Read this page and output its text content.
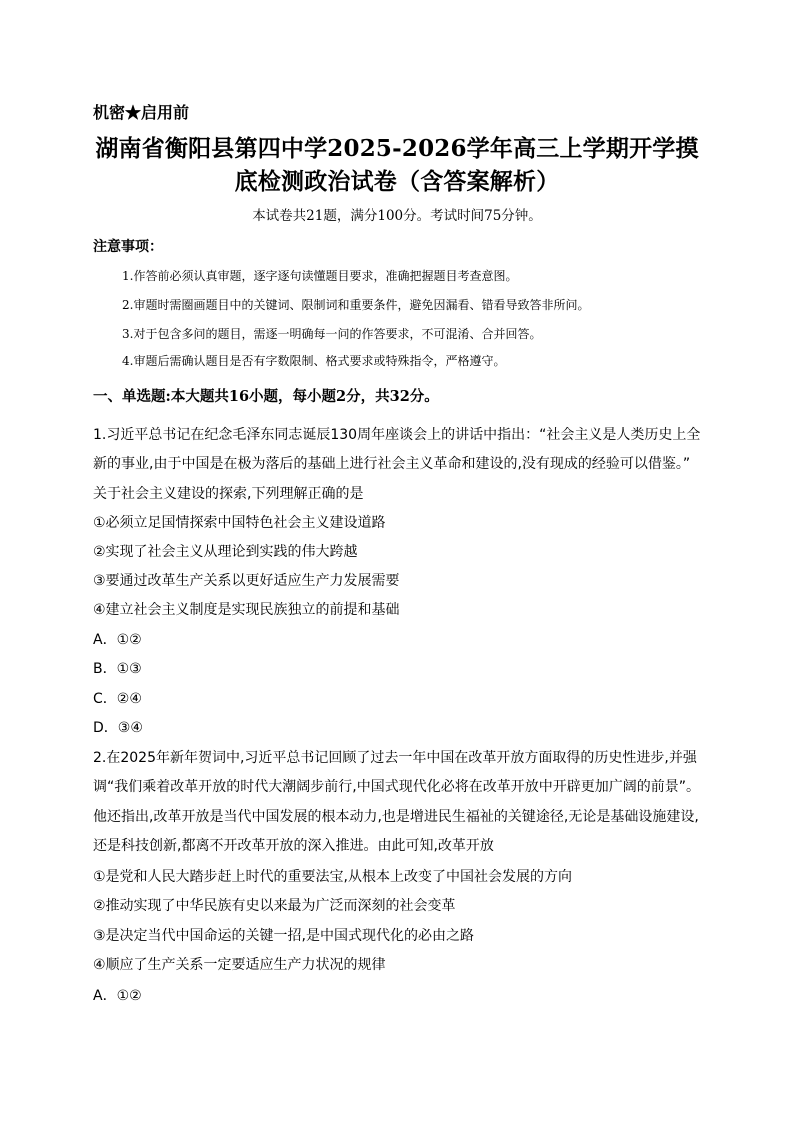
机密★启用前
湖南省衡阳县第四中学2025-2026学年高三上学期开学摸
底检测政治试卷（含答案解析）
本试卷共21题，满分100分。考试时间75分钟。
注意事项：
1.作答前必须认真审题，逐字逐句读懂题目要求，准确把握题目考查意图。
2.审题时需圈画题目中的关键词、限制词和重要条件，避免因漏看、错看导致答非所问。
3.对于包含多问的题目，需逐一明确每一问的作答要求，不可混淆、合并回答。
4.审题后需确认题目是否有字数限制、格式要求或特殊指令，严格遵守。
一、单选题:本大题共16小题，每小题2分，共32分。
1.习近平总书记在纪念毛泽东同志诞辰130周年座谈会上的讲话中指出：“社会主义是人类历史上全
新的事业,由于中国是在极为落后的基础上进行社会主义革命和建设的,没有现成的经验可以借鉴。”
关于社会主义建设的探索,下列理解正确的是
①必须立足国情探索中国特色社会主义建设道路
②实现了社会主义从理论到实践的伟大跨越
③要通过改革生产关系以更好适应生产力发展需要
④建立社会主义制度是实现民族独立的前提和基础
A．①②
B．①③
C．②④
D．③④
2.在2025年新年贺词中,习近平总书记回顾了过去一年中国在改革开放方面取得的历史性进步,并强
调“我们乘着改革开放的时代大潮阔步前行,中国式现代化必将在改革开放中开辟更加广阔的前景”。
他还指出,改革开放是当代中国发展的根本动力,也是增进民生福祉的关键途径,无论是基础设施建设,
还是科技创新,都离不开改革开放的深入推进。由此可知,改革开放
①是党和人民大踏步赶上时代的重要法宝,从根本上改变了中国社会发展的方向
②推动实现了中华民族有史以来最为广泛而深刻的社会变革
③是决定当代中国命运的关键一招,是中国式现代化的必由之路
④顺应了生产关系一定要适应生产力状况的规律
A．①②
